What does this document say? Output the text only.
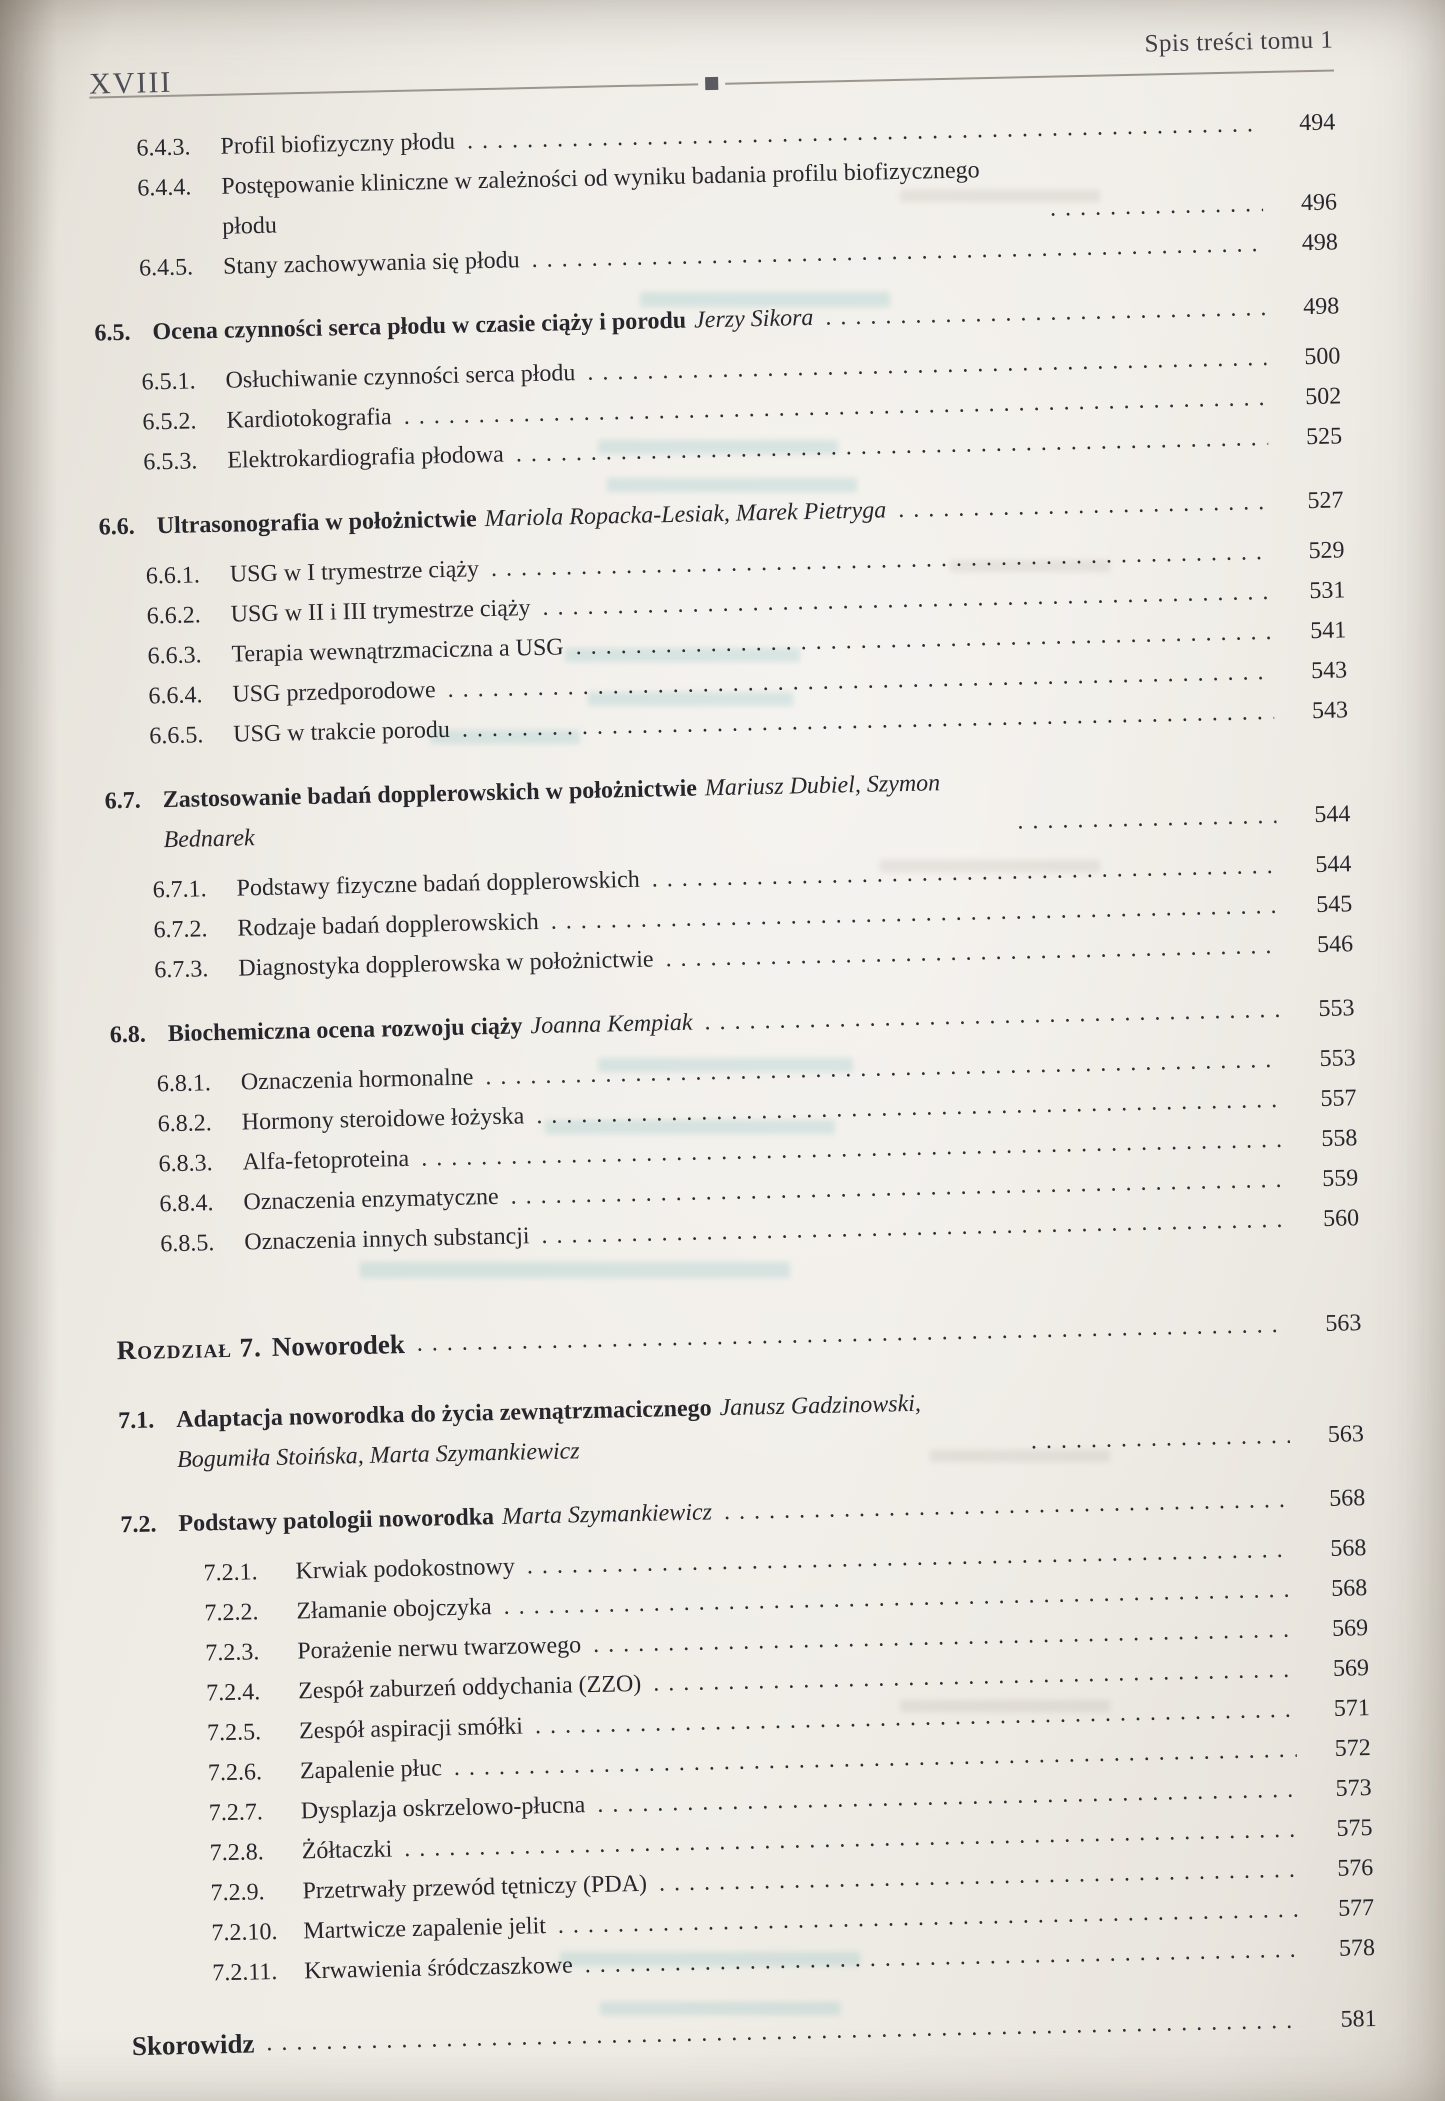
XVIII
Spis treści tomu 1
6.4.3. Profil biofizyczny płodu
.....
494
6.4.4. Postępowanie kliniczne w zależności od wyniku badania profilu biofizycznego płodu
.....
496
6.4.5. Stany zachowywania się płodu
.....
498
6.5. Ocena czynności serca płodu w czasie ciąży i porodu Jerzy Sikora .....	498
6.5.1. Osłuchiwanie czynności serca płodu
.....
500
6.5.2. Kardiotokografia
.....
502
6.5.3. Elektrokardiografia płodowa
.....
525
6.6. Ultrasonografia w położnictwie Mariola Ropacka-Lesiak, Marek Pietryga .....	527
6.6.1. USG w I trymestrze ciąży
.....
529
6.6.2. USG w II i III trymestrze ciąży
.....
531
6.6.3. Terapia wewnątrzmaciczna a USG
.....
541
6.6.4. USG przedporodowe
.....
543
6.6.5. USG w trakcie porodu
.....
543
6.7. Zastosowanie badań dopplerowskich w położnictwie Mariusz Dubiel, Szymon Bednarek
.....
544
6.7.1. Podstawy fizyczne badań dopplerowskich
.....
544
6.7.2. Rodzaje badań dopplerowskich
.....
545
6.7.3. Diagnostyka dopplerowska w położnictwie
.....
546
6.8. Biochemiczna ocena rozwoju ciąży Joanna Kempiak
.....
553
6.8.1. Oznaczenia hormonalne
.....
553
6.8.2. Hormony steroidowe łożyska
.....
557
6.8.3. Alfa-fetoproteina
.....
558
6.8.4. Oznaczenia enzymatyczne
.....
559
6.8.5. Oznaczenia innych substancji
.....
560
Rozdział 7. Noworodek
.....
563
7.1. Adaptacja noworodka do życia zewnątrzmacicznego Janusz Gadzinowski, Bogumiła Stoińska, Marta Szymankiewicz
.....
563
7.2. Podstawy patologii noworodka Marta Szymankiewicz
.....
568
7.2.1. Krwiak podokostnowy
.....
568
7.2.2. Złamanie obojczyka
.....
568
7.2.3. Porażenie nerwu twarzowego
.....
569
7.2.4. Zespół zaburzeń oddychania (ZZO)
.....
569
7.2.5. Zespół aspiracji smółki
.....
571
7.2.6. Zapalenie płuc
.....
572
7.2.7. Dysplazja oskrzelowo-płucna
.....
573
7.2.8. Żółtaczki
.....
575
7.2.9. Przetrwały przewód tętniczy (PDA)
.....
576
7.2.10. Martwicze zapalenie jelit
.....
577
7.2.11. Krwawienia śródczaszkowe
.....
578
Skorowidz
.....
581
